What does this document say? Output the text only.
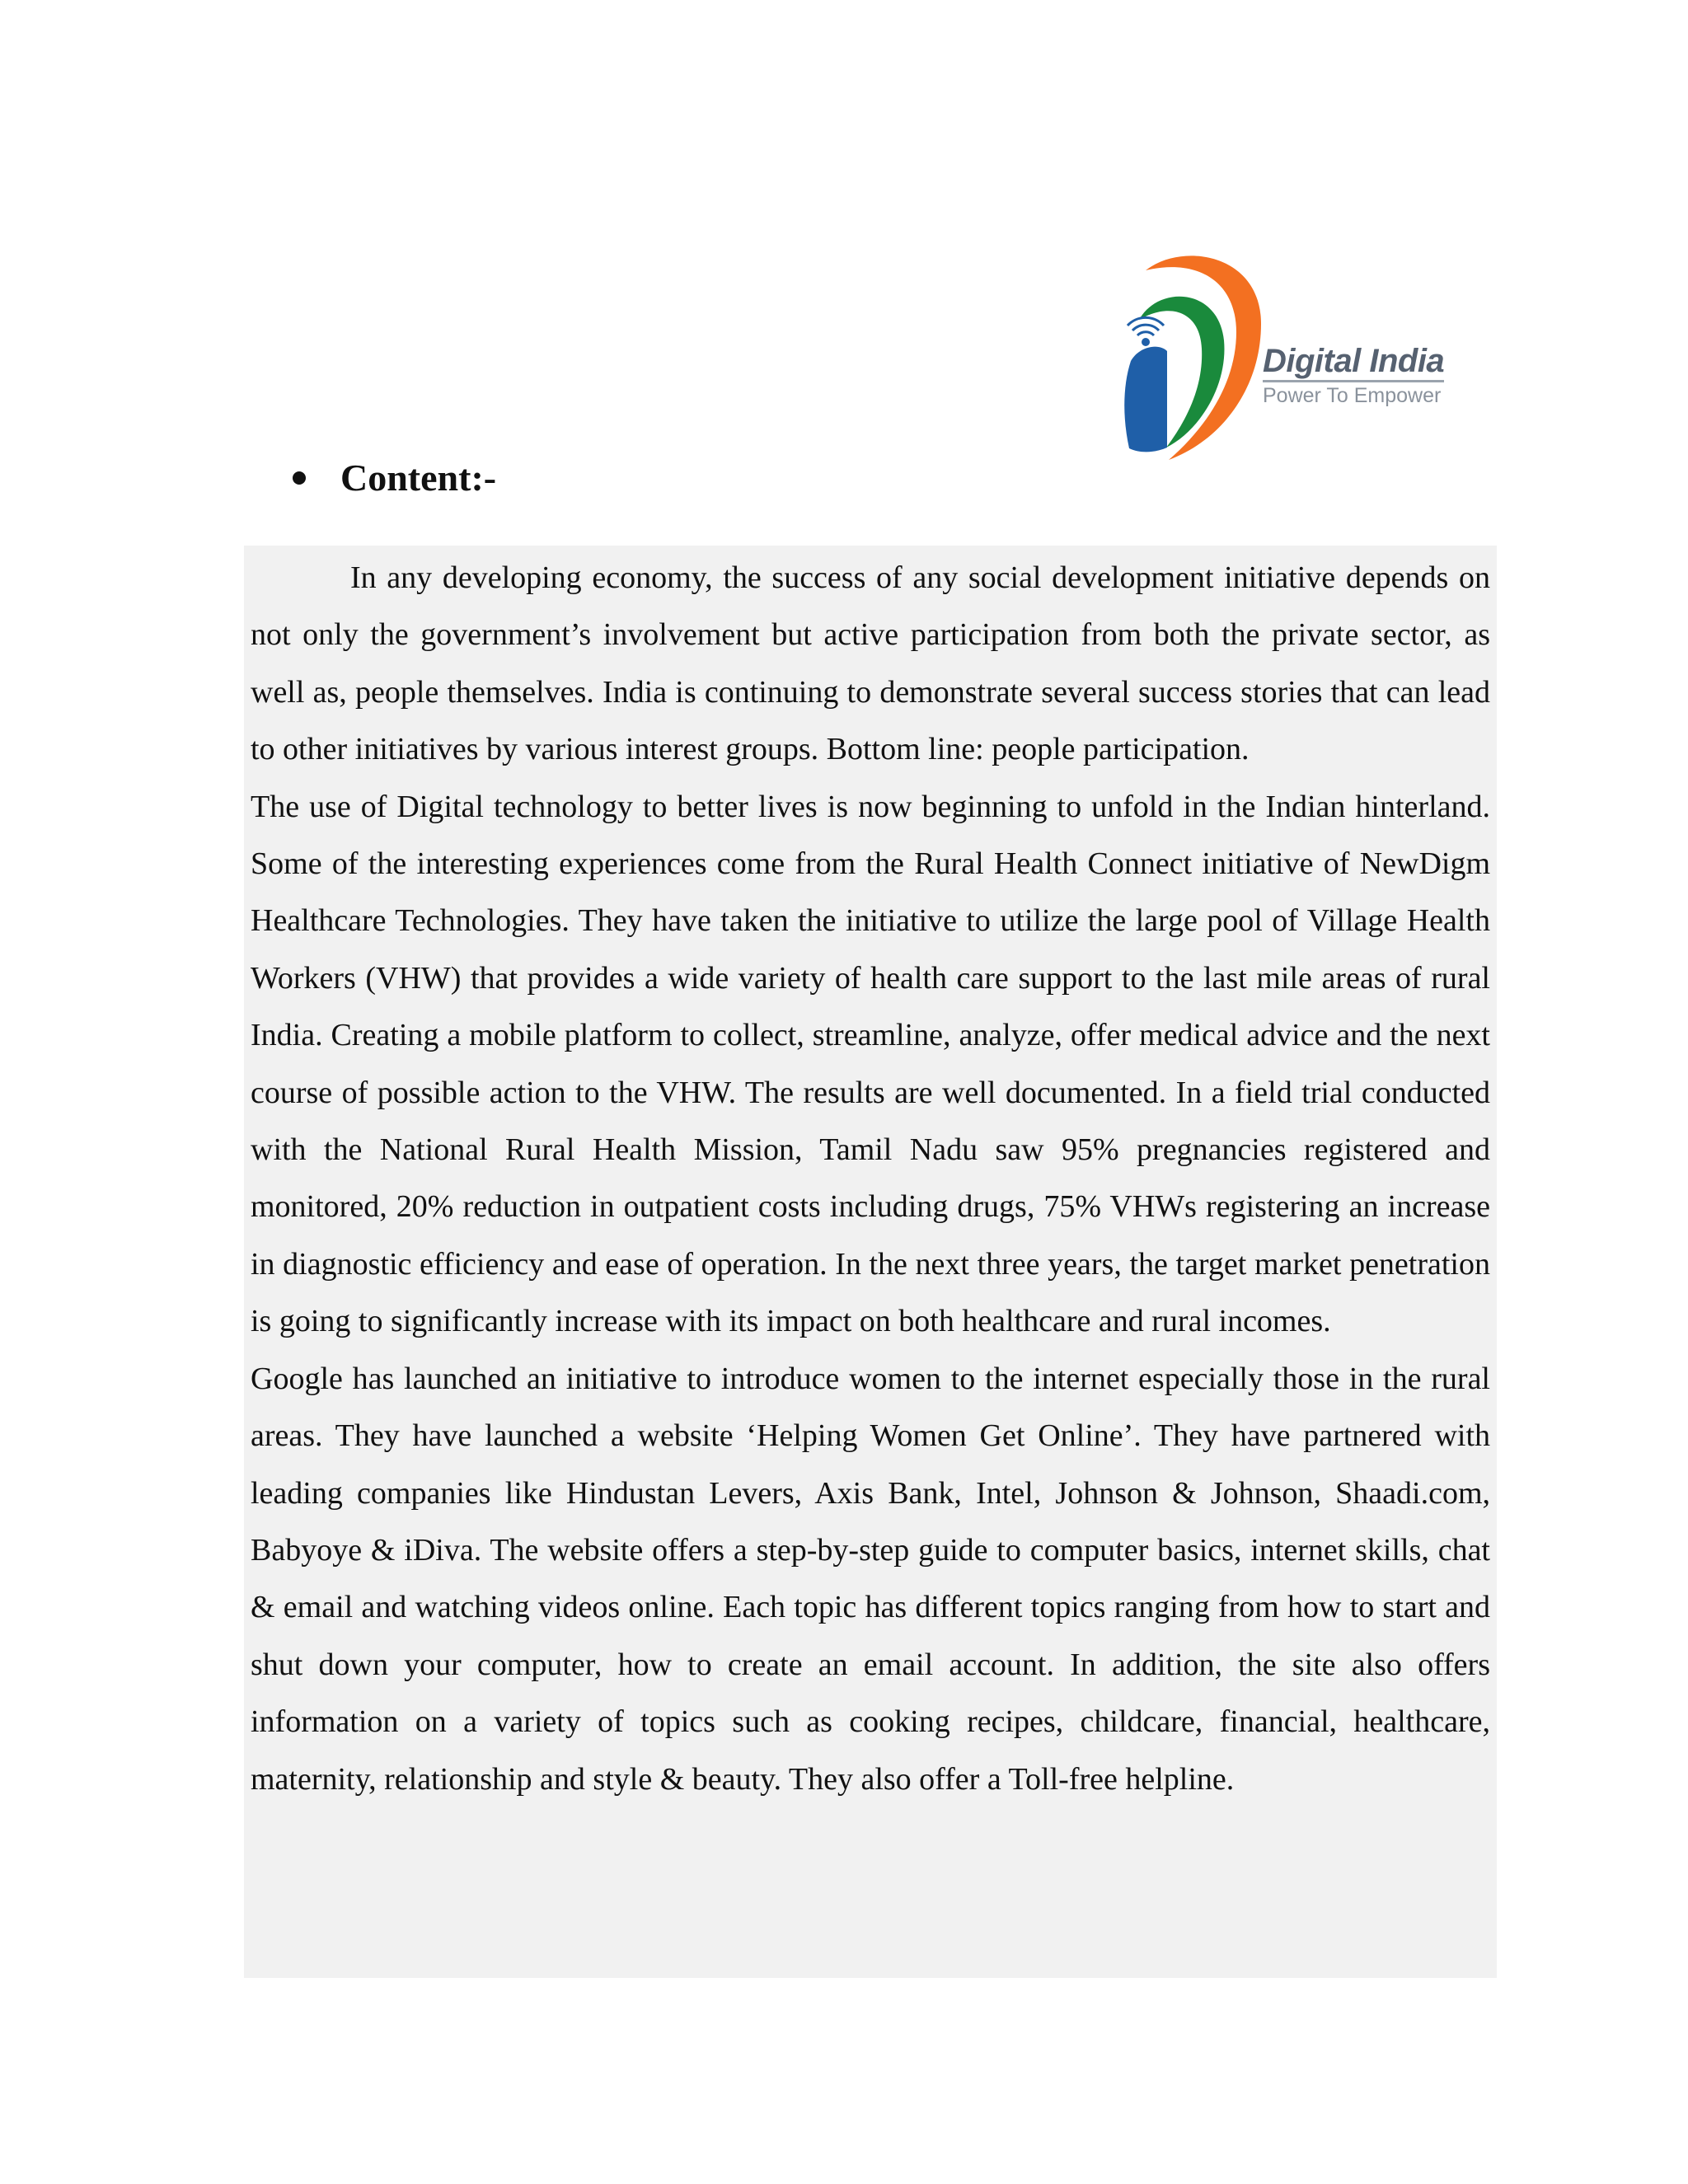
Digital India
Power To Empower
Content:-

In any developing economy, the success of any social development initiative depends on not only the government’s involvement but active participation from both the private sector, as well as, people themselves. India is continuing to demonstrate several success stories that can lead to other initiatives by various interest groups. Bottom line: people participation.

The use of Digital technology to better lives is now beginning to unfold in the Indian hinterland. Some of the interesting experiences come from the Rural Health Connect initiative of NewDigm Healthcare Technologies. They have taken the initiative to utilize the large pool of Village Health Workers (VHW) that provides a wide variety of health care support to the last mile areas of rural India. Creating a mobile platform to collect, streamline, analyze, offer medical advice and the next course of possible action to the VHW. The results are well documented. In a field trial conducted with the National Rural Health Mission, Tamil Nadu saw 95% pregnancies registered and monitored, 20% reduction in outpatient costs including drugs, 75% VHWs registering an increase in diagnostic efficiency and ease of operation. In the next three years, the target market penetration is going to significantly increase with its impact on both healthcare and rural incomes.

Google has launched an initiative to introduce women to the internet especially those in the rural areas. They have launched a website ‘Helping Women Get Online’. They have partnered with leading companies like Hindustan Levers, Axis Bank, Intel, Johnson & Johnson, Shaadi.com, Babyoye & iDiva. The website offers a step-by-step guide to computer basics, internet skills, chat & email and watching videos online. Each topic has different topics ranging from how to start and shut down your computer, how to create an email account. In addition, the site also offers information on a variety of topics such as cooking recipes, childcare, financial, healthcare, maternity, relationship and style & beauty. They also offer a Toll-free helpline.
